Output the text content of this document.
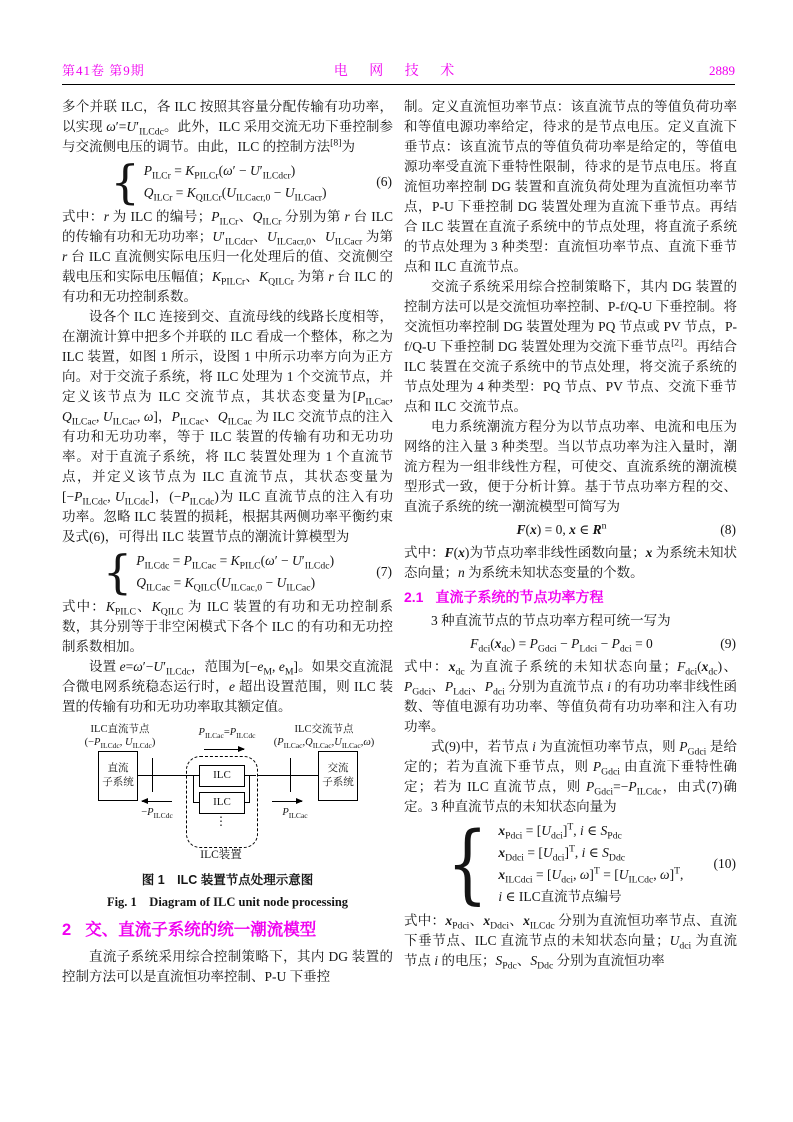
第41卷 第9期	电 网 技 术	2889

多个并联 ILC，各 ILC 按照其容量分配传输有功功率，以实现 $\omega'=U'_{ILCdc}$。此外，ILC 采用交流无功下垂控制参与交流侧电压的调节。由此，ILC 的控制方法[8]为

{ $P_{ILCr} = K_{PILCr}(\omega' - U'_{ILCdcr})$
$Q_{ILCr} = K_{QILCr}(U_{ILCacr,0} - U_{ILCacr})$
(6)

式中：r 为 ILC 的编号；$P_{ILCr}$、$Q_{ILCr}$ 分别为第 r 台 ILC 的传输有功和无功功率；$U'_{ILCdcr}$、$U_{ILCacr,0}$、$U_{ILCacr}$ 为第 r 台 ILC 直流侧实际电压归一化处理后的值、交流侧空载电压和实际电压幅值；$K_{PILCr}$、$K_{QILCr}$ 为第 r 台 ILC 的有功和无功控制系数。

设各个 ILC 连接到交、直流母线的线路长度相等，在潮流计算中把多个并联的 ILC 看成一个整体，称之为 ILC 装置，如图 1 所示，设图 1 中所示功率方向为正方向。对于交流子系统，将 ILC 处理为 1 个交流节点，并定义该节点为 ILC 交流节点，其状态变量为[$P_{ILCac}$, $Q_{ILCac}$, $U_{ILCac}$, ω]，$P_{ILCac}$、$Q_{ILCac}$ 为 ILC 交流节点的注入有功和无功功率，等于 ILC 装置的传输有功和无功功率。对于直流子系统，将 ILC 装置处理为 1 个直流节点，并定义该节点为 ILC 直流节点，其状态变量为[$-P_{ILCdc}$, $U_{ILCdc}$]，$(-P_{ILCdc})$为 ILC 直流节点的注入有功功率。忽略 ILC 装置的损耗，根据其两侧功率平衡约束及式(6)，可得出 ILC 装置节点的潮流计算模型为

{ $P_{ILCdc} = P_{ILCac} = K_{PILC}(\omega' - U'_{ILCdc})$
$Q_{ILCac} = K_{QILC}(U_{ILCac,0} - U_{ILCac})$
(7)

式中：$K_{PILC}$、$K_{QILC}$ 为 ILC 装置的有功和无功控制系数，其分别等于非空闲模式下各个 ILC 的有功和无功控制系数相加。

设置 $e=\omega'-U'_{ILCdc}$，范围为[$-e_M$, $e_M$]。如果交直流混合微电网系统稳态运行时，e 超出设置范围，则 ILC 装置的传输有功和无功功率取其额定值。

ILC直流节点
($-P_{ILCdc}$, $U_{ILCdc}$)
$P_{ILCac}=P_{ILCdc}$
ILC交流节点
$(P_{ILCac},Q_{ILCac},U_{ILCac},\omega)$
直流
子系统
交流
子系统
ILC
ILC
⋮
$-P_{ILCdc}$	$P_{ILCac}$
ILC装置
图 1　ILC 装置节点处理示意图
Fig. 1　Diagram of ILC unit node processing
2 交、直流子系统的统一潮流模型

直流子系统采用综合控制策略下，其内 DG 装置的控制方法可以是直流恒功率控制、P-U 下垂控

制。定义直流恒功率节点：该直流节点的等值负荷功率和等值电源功率给定，待求的是节点电压。定义直流下垂节点：该直流节点的等值负荷功率是给定的，等值电源功率受直流下垂特性限制，待求的是节点电压。将直流恒功率控制 DG 装置和直流负荷处理为直流恒功率节点，P-U 下垂控制 DG 装置处理为直流下垂节点。再结合 ILC 装置在直流子系统中的节点处理，将直流子系统的节点处理为 3 种类型：直流恒功率节点、直流下垂节点和 ILC 直流节点。

交流子系统采用综合控制策略下，其内 DG 装置的控制方法可以是交流恒功率控制、P-f/Q-U 下垂控制。将交流恒功率控制 DG 装置处理为 PQ 节点或 PV 节点，P-f/Q-U 下垂控制 DG 装置处理为交流下垂节点[2]。再结合 ILC 装置在交流子系统中的节点处理，将交流子系统的节点处理为 4 种类型：PQ 节点、PV 节点、交流下垂节点和 ILC 交流节点。

电力系统潮流方程分为以节点功率、电流和电压为网络的注入量 3 种类型。当以节点功率为注入量时，潮流方程为一组非线性方程，可使交、直流系统的潮流模型形式一致，便于分析计算。基于节点功率方程的交、直流子系统的统一潮流模型可简写为

F(x) = 0, x ∈ $R^n$	(8)

式中：F(x)为节点功率非线性函数向量；x 为系统未知状态向量；n 为系统未知状态变量的个数。

2.1 直流子系统的节点功率方程

3 种直流节点的节点功率方程可统一写为

$F_{dci}(x_{dc}) = P_{Gdci} - P_{Ldci} - P_{dci} = 0$	(9)

式中：$x_{dc}$ 为直流子系统的未知状态向量；$F_{dci}(x_{dc})$、$P_{Gdci}$、$P_{Ldci}$、$P_{dci}$ 分别为直流节点 i 的有功功率非线性函数、等值电源有功功率、等值负荷有功功率和注入有功功率。

式(9)中，若节点 i 为直流恒功率节点，则 $P_{Gdci}$ 是给定的；若为直流下垂节点，则 $P_{Gdci}$ 由直流下垂特性确定；若为 ILC 直流节点，则 $P_{Gdci}=-P_{ILCdc}$，由式(7)确定。3 种直流节点的未知状态向量为

{ $x_{Pdci} = [U_{dci}]^T$, i ∈ $S_{Pdc}$
$x_{Ddci} = [U_{dci}]^T$, i ∈ $S_{Ddc}$
$x_{ILCdci} = [U_{dci}$, $\omega]^T = [U_{ILCdc}$, ω]$^T$,
i ∈ ILC直流节点编号
(10)

式中：$x_{Pdci}$、$x_{Ddci}$、$x_{ILCdc}$ 分别为直流恒功率节点、直流下垂节点、ILC 直流节点的未知状态向量；$U_{dci}$ 为直流节点 i 的电压；$S_{Pdc}$、$S_{Ddc}$ 分别为直流恒功率
